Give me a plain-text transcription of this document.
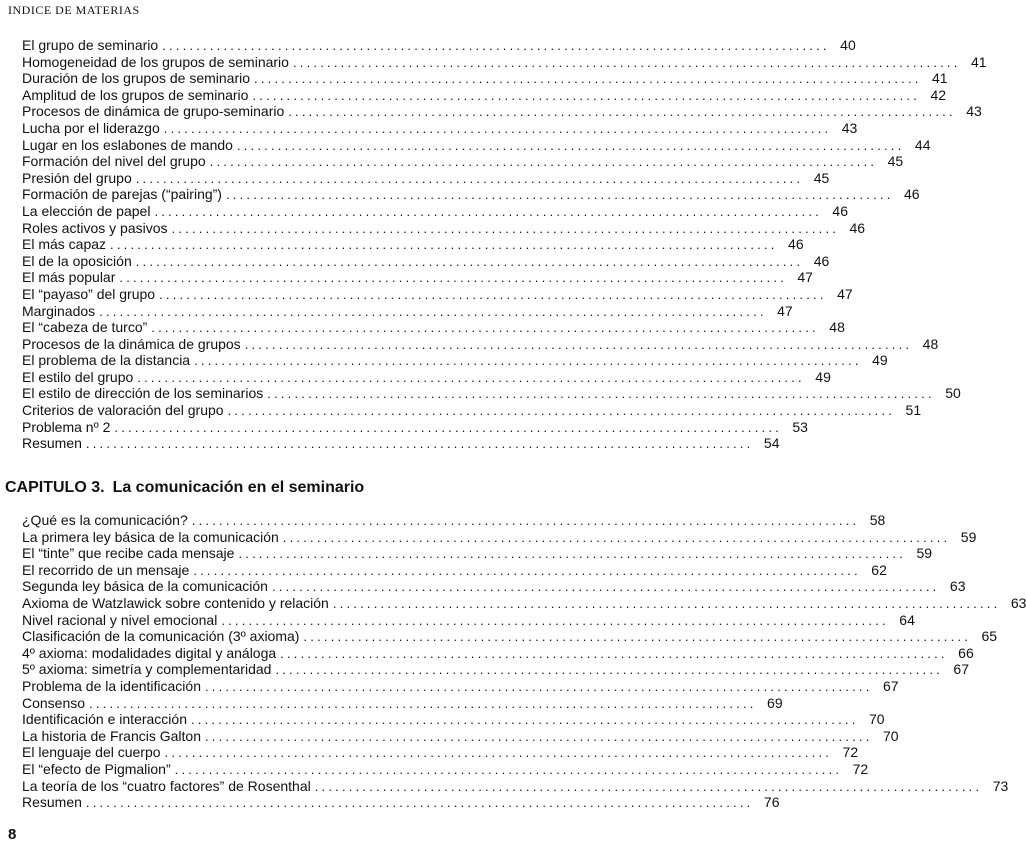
INDICE DE MATERIAS
El grupo de seminario .................................................................................................. 40
Homogeneidad de los grupos de seminario .................................................................................................. 41
Duración de los grupos de seminario .................................................................................................. 41
Amplitud de los grupos de seminario .................................................................................................. 42
Procesos de dinámica de grupo-seminario .................................................................................................. 43
Lucha por el liderazgo .................................................................................................. 43
Lugar en los eslabones de mando .................................................................................................. 44
Formación del nivel del grupo .................................................................................................. 45
Presión del grupo .................................................................................................. 45
Formación de parejas (“pairing”) .................................................................................................. 46
La elección de papel .................................................................................................. 46
Roles activos y pasivos .................................................................................................. 46
El más capaz .................................................................................................. 46
El de la oposición .................................................................................................. 46
El más popular .................................................................................................. 47
El “payaso” del grupo .................................................................................................. 47
Marginados .................................................................................................. 47
El “cabeza de turco” .................................................................................................. 48
Procesos de la dinámica de grupos .................................................................................................. 48
El problema de la distancia .................................................................................................. 49
El estilo del grupo .................................................................................................. 49
El estilo de dirección de los seminarios .................................................................................................. 50
Criterios de valoración del grupo .................................................................................................. 51
Problema nº 2 .................................................................................................. 53
Resumen .................................................................................................. 54
CAPITULO 3. La comunicación en el seminario
¿Qué es la comunicación? .................................................................................................. 58
La primera ley básica de la comunicación .................................................................................................. 59
El “tinte” que recibe cada mensaje .................................................................................................. 59
El recorrido de un mensaje .................................................................................................. 62
Segunda ley básica de la comunicación .................................................................................................. 63
Axioma de Watzlawick sobre contenido y relación .................................................................................................. 63
Nivel racional y nivel emocional .................................................................................................. 64
Clasificación de la comunicación (3º axioma) .................................................................................................. 65
4º axioma: modalidades digital y análoga .................................................................................................. 66
5º axioma: simetría y complementaridad .................................................................................................. 67
Problema de la identificación .................................................................................................. 67
Consenso .................................................................................................. 69
Identificación e interacción .................................................................................................. 70
La historia de Francis Galton .................................................................................................. 70
El lenguaje del cuerpo .................................................................................................. 72
El “efecto de Pigmalion” .................................................................................................. 72
La teoría de los “cuatro factores” de Rosenthal .................................................................................................. 73
Resumen .................................................................................................. 76
8
